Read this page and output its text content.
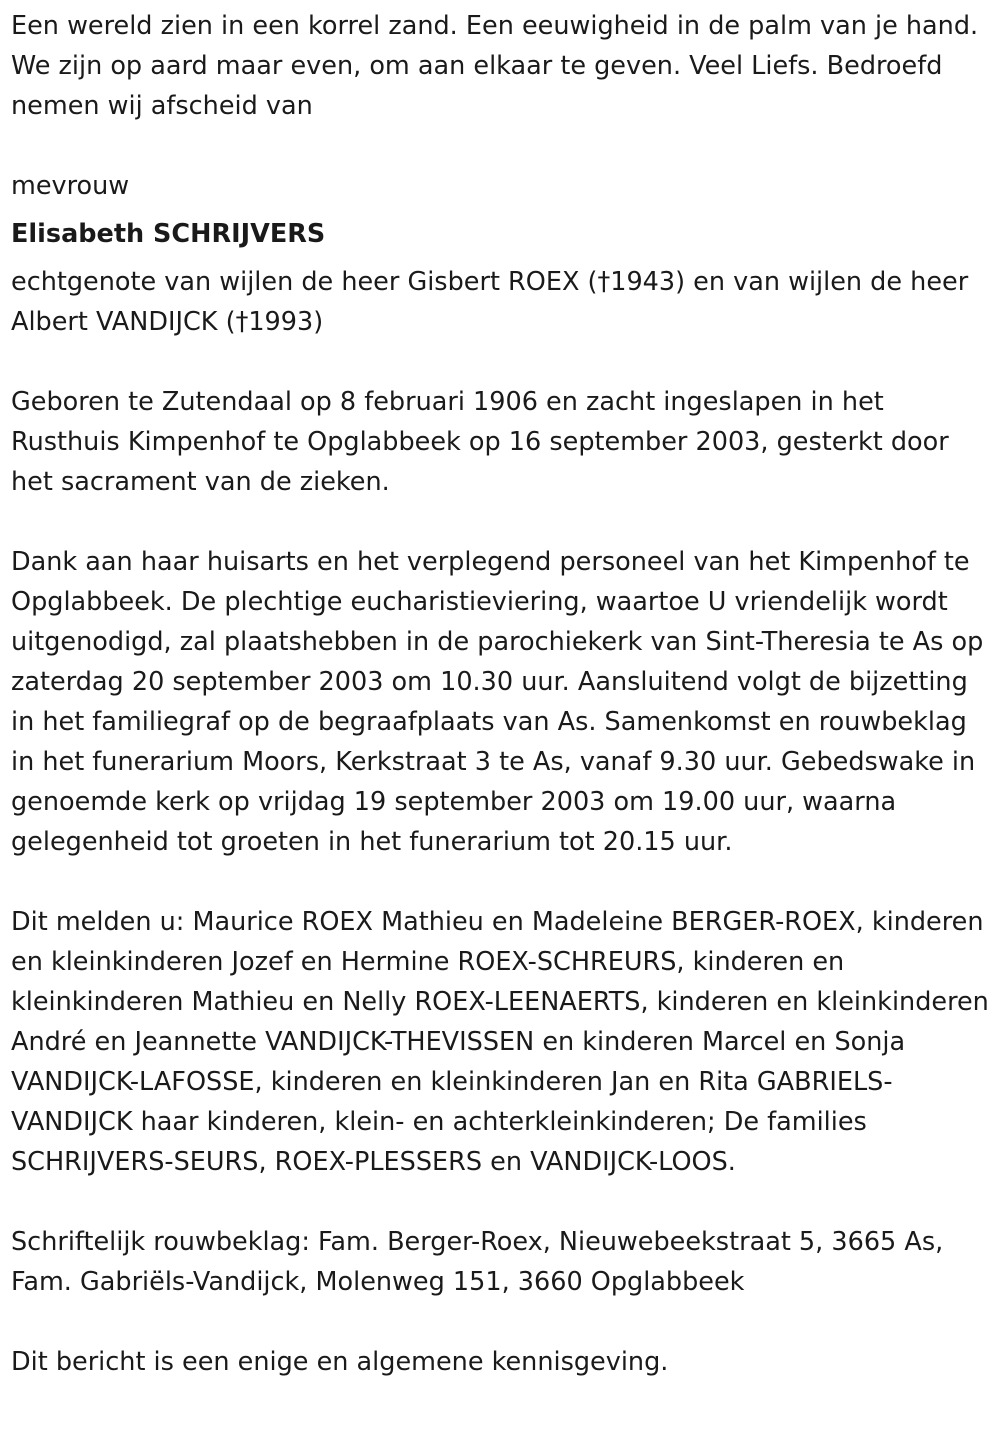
Een wereld zien in een korrel zand. Een eeuwigheid in de palm van je hand. We zijn op aard maar even, om aan elkaar te geven. Veel Liefs. Bedroefd nemen wij afscheid van

mevrouw

Elisabeth SCHRIJVERS

echtgenote van wijlen de heer Gisbert ROEX (†1943) en van wijlen de heer Albert VANDIJCK (†1993)

Geboren te Zutendaal op 8 februari 1906 en zacht ingeslapen in het Rusthuis Kimpenhof te Opglabbeek op 16 september 2003, gesterkt door het sacrament van de zieken.

Dank aan haar huisarts en het verplegend personeel van het Kimpenhof te Opglabbeek. De plechtige eucharistieviering, waartoe U vriendelijk wordt uitgenodigd, zal plaatshebben in de parochiekerk van Sint-Theresia te As op zaterdag 20 september 2003 om 10.30 uur. Aansluitend volgt de bijzetting in het familiegraf op de begraafplaats van As. Samenkomst en rouwbeklag in het funerarium Moors, Kerkstraat 3 te As, vanaf 9.30 uur. Gebedswake in genoemde kerk op vrijdag 19 september 2003 om 19.00 uur, waarna gelegenheid tot groeten in het funerarium tot 20.15 uur.

Dit melden u: Maurice ROEX Mathieu en Madeleine BERGER-ROEX, kinderen en kleinkinderen Jozef en Hermine ROEX-SCHREURS, kinderen en kleinkinderen Mathieu en Nelly ROEX-LEENAERTS, kinderen en kleinkinderen André en Jeannette VANDIJCK-THEVISSEN en kinderen Marcel en Sonja VANDIJCK-LAFOSSE, kinderen en kleinkinderen Jan en Rita GABRIELS-VANDIJCK haar kinderen, klein- en achterkleinkinderen; De families SCHRIJVERS-SEURS, ROEX-PLESSERS en VANDIJCK-LOOS.

Schriftelijk rouwbeklag: Fam. Berger-Roex, Nieuwebeekstraat 5, 3665 As, Fam. Gabriëls-Vandijck, Molenweg 151, 3660 Opglabbeek

Dit bericht is een enige en algemene kennisgeving.
